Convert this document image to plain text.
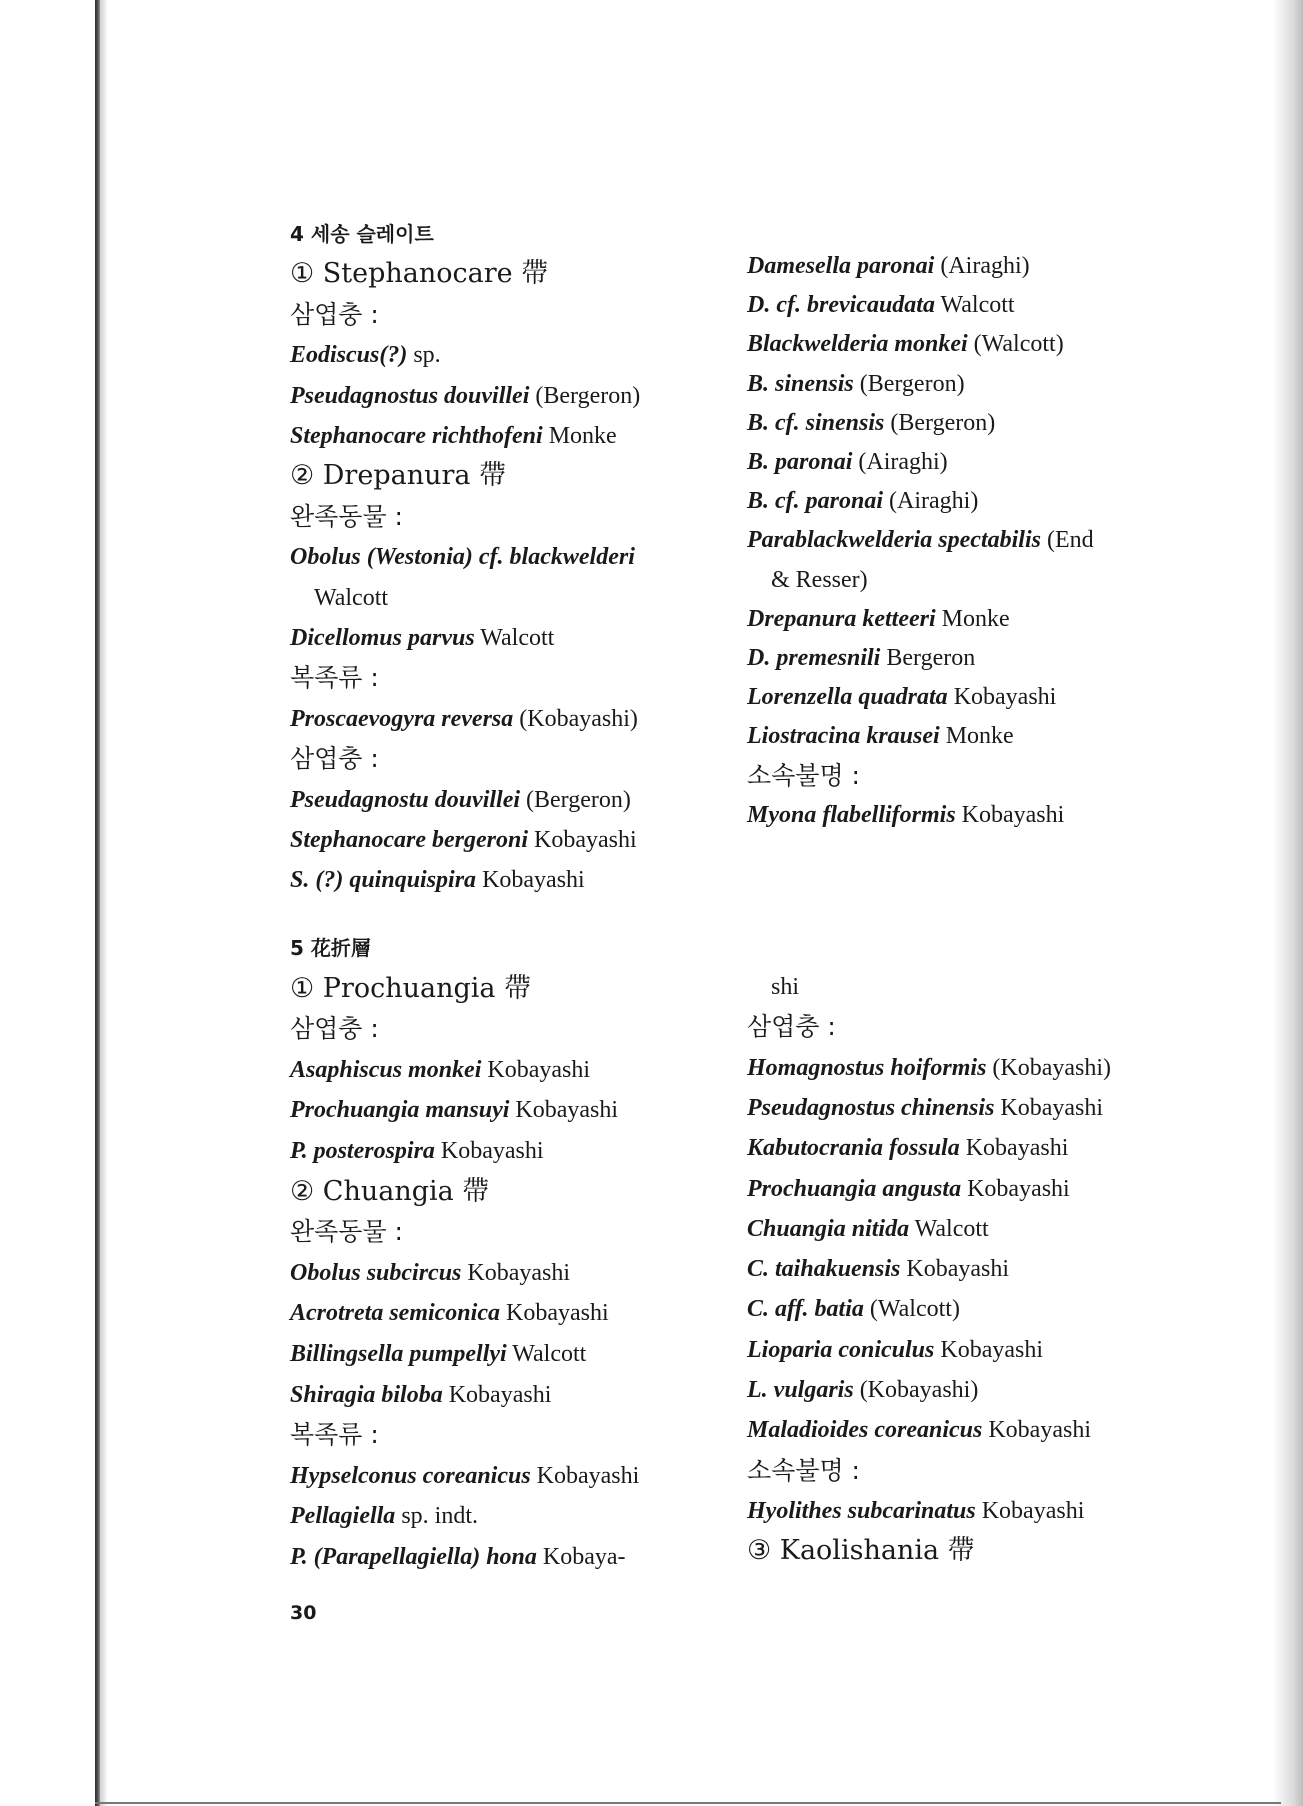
4 세송 슬레이트
① Stephanocare 帶
삼엽충 :
Eodiscus(?) sp.
Pseudagnostus douvillei (Bergeron)
Stephanocare richthofeni Monke
② Drepanura 帶
완족동물 :
Obolus (Westonia) cf. blackwelderi
Walcott
Dicellomus parvus Walcott
복족류 :
Proscaevogyra reversa (Kobayashi)
삼엽충 :
Pseudagnostu douvillei (Bergeron)
Stephanocare bergeroni Kobayashi
S. (?) quinquispira Kobayashi
Damesella paronai (Airaghi)
D. cf. brevicaudata Walcott
Blackwelderia monkei (Walcott)
B. sinensis (Bergeron)
B. cf. sinensis (Bergeron)
B. paronai (Airaghi)
B. cf. paronai (Airaghi)
Parablackwelderia spectabilis (End
& Resser)
Drepanura ketteeri Monke
D. premesnili Bergeron
Lorenzella quadrata Kobayashi
Liostracina krausei Monke
소속불명 :
Myona flabelliformis Kobayashi
5 花折層
① Prochuangia 帶
삼엽충 :
Asaphiscus monkei Kobayashi
Prochuangia mansuyi Kobayashi
P. posterospira Kobayashi
② Chuangia 帶
완족동물 :
Obolus subcircus Kobayashi
Acrotreta semiconica Kobayashi
Billingsella pumpellyi Walcott
Shiragia biloba Kobayashi
복족류 :
Hypselconus coreanicus Kobayashi
Pellagiella sp. indt.
P. (Parapellagiella) hona Kobaya-
shi
삼엽충 :
Homagnostus hoiformis (Kobayashi)
Pseudagnostus chinensis Kobayashi
Kabutocrania fossula Kobayashi
Prochuangia angusta Kobayashi
Chuangia nitida Walcott
C. taihakuensis Kobayashi
C. aff. batia (Walcott)
Lioparia coniculus Kobayashi
L. vulgaris (Kobayashi)
Maladioides coreanicus Kobayashi
소속불명 :
Hyolithes subcarinatus Kobayashi
③ Kaolishania 帶
30
